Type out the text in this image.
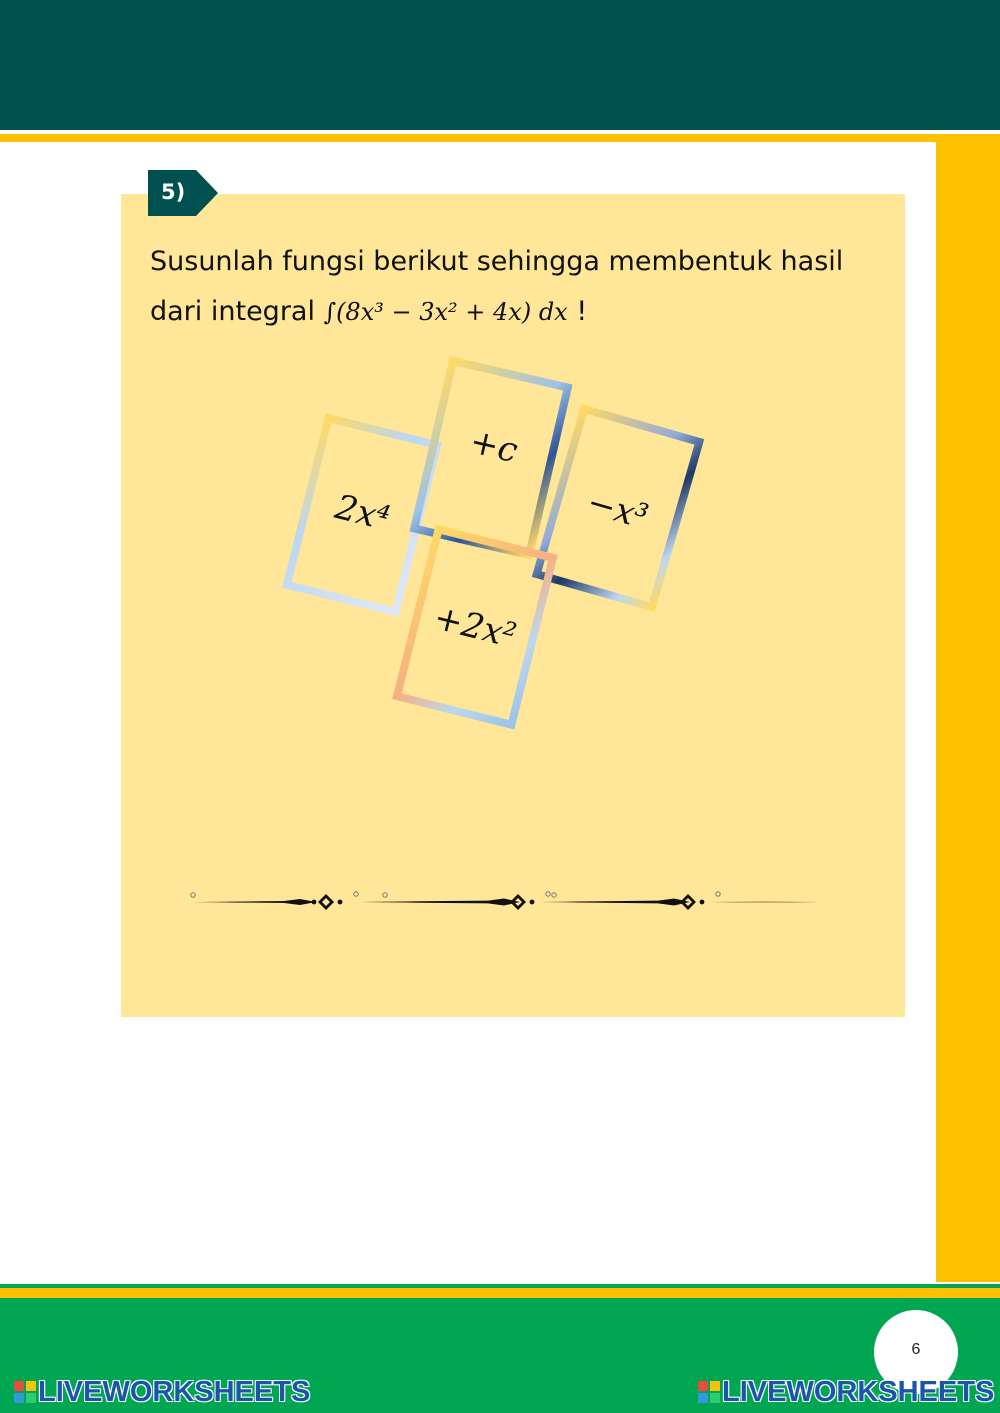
5)
Susunlah fungsi berikut sehingga membentuk hasil
dari integral ∫(8x³ − 3x² + 4x) dx !
2x⁴
+c
−x³
+2x²
6
LIVEWORKSHEETS	LIVEWORKSHEETS
